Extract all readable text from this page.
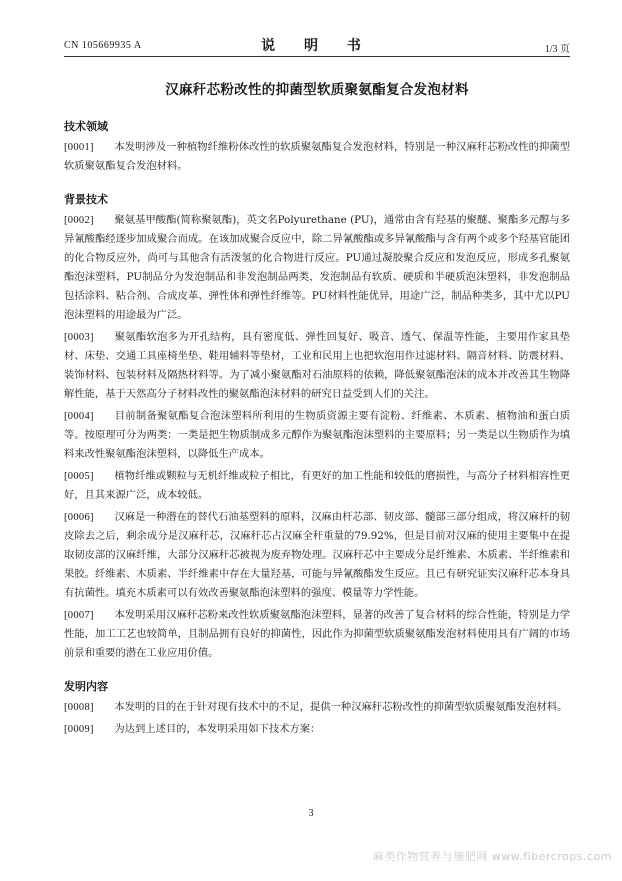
CN 105669935 A	说 明 书	1/3 页
汉麻秆芯粉改性的抑菌型软质聚氨酯复合发泡材料
技术领域
[0001]   本发明涉及一种植物纤维粉体改性的软质聚氨酯复合发泡材料，特别是一种汉麻秆芯粉改性的抑菌型软质聚氨酯复合发泡材料。
背景技术
[0002]   聚氨基甲酸酯(简称聚氨酯)，英文名Polyurethane (PU)，通常由含有羟基的聚醚、聚酯多元醇与多异氰酸酯经逐步加成聚合而成。在该加成聚合反应中，除二异氰酸酯或多异氰酸酯与含有两个或多个羟基官能团的化合物反应外，尚可与其他含有活泼氢的化合物进行反应。PU通过凝胶聚合反应和发泡反应，形成多孔聚氨酯泡沫塑料，PU制品分为发泡制品和非发泡制品两类，发泡制品有软质、硬质和半硬质泡沫塑料，非发泡制品包括涂料、粘合剂、合成皮革、弹性体和弹性纤维等。PU材料性能优异，用途广泛，制品种类多，其中尤以PU泡沫塑料的用途最为广泛。
[0003]   聚氨酯软泡多为开孔结构，具有密度低、弹性回复好、吸音、透气、保温等性能，主要用作家具垫材、床垫、交通工具座椅坐垫、鞋用辅料等垫材，工业和民用上也把软泡用作过滤材料、隔音材料、防震材料、装饰材料、包装材料及隔热材料等。为了减小聚氨酯对石油原料的依赖，降低聚氨酯泡沫的成本并改善其生物降解性能，基于天然高分子材料改性的聚氨酯泡沫材料的研究日益受到人们的关注。
[0004]   目前制备聚氨酯复合泡沫塑料所利用的生物质资源主要有淀粉、纤维素、木质素、植物油和蛋白质等。按原理可分为两类：一类是把生物质制成多元醇作为聚氨酯泡沫塑料的主要原料；另一类是以生物质作为填料来改性聚氨酯泡沫塑料，以降低生产成本。
[0005]   植物纤维或颗粒与无机纤维或粒子相比，有更好的加工性能和较低的磨损性，与高分子材料相容性更好，且其来源广泛，成本较低。
[0006]   汉麻是一种潜在的替代石油基塑料的原料，汉麻由杆芯部、韧皮部、髓部三部分组成，将汉麻杆的韧皮除去之后，剩余成分是汉麻秆芯，汉麻秆芯占汉麻全秆重量的79.92%，但是目前对汉麻的使用主要集中在提取韧皮部的汉麻纤维，大部分汉麻秆芯被视为废弃物处理。汉麻秆芯中主要成分是纤维素、木质素、半纤维素和果胶。纤维素、木质素、半纤维素中存在大量羟基，可能与异氰酸酯发生反应。且已有研究证实汉麻秆芯本身具有抗菌性。填充木质素可以有效改善聚氨酯泡沫塑料的强度、模量等力学性能。
[0007]   本发明采用汉麻秆芯粉来改性软质聚氨酯泡沫塑料，显著的改善了复合材料的综合性能，特别是力学性能，加工工艺也较简单，且制品拥有良好的抑菌性，因此作为抑菌型软质聚氨酯发泡材料使用具有广阔的市场前景和重要的潜在工业应用价值。
发明内容
[0008]   本发明的目的在于针对现有技术中的不足，提供一种汉麻秆芯粉改性的抑菌型软质聚氨酯发泡材料。
[0009]   为达到上述目的，本发明采用如下技术方案：
3
麻类作物营养与施肥网 www.fibercrops.com
